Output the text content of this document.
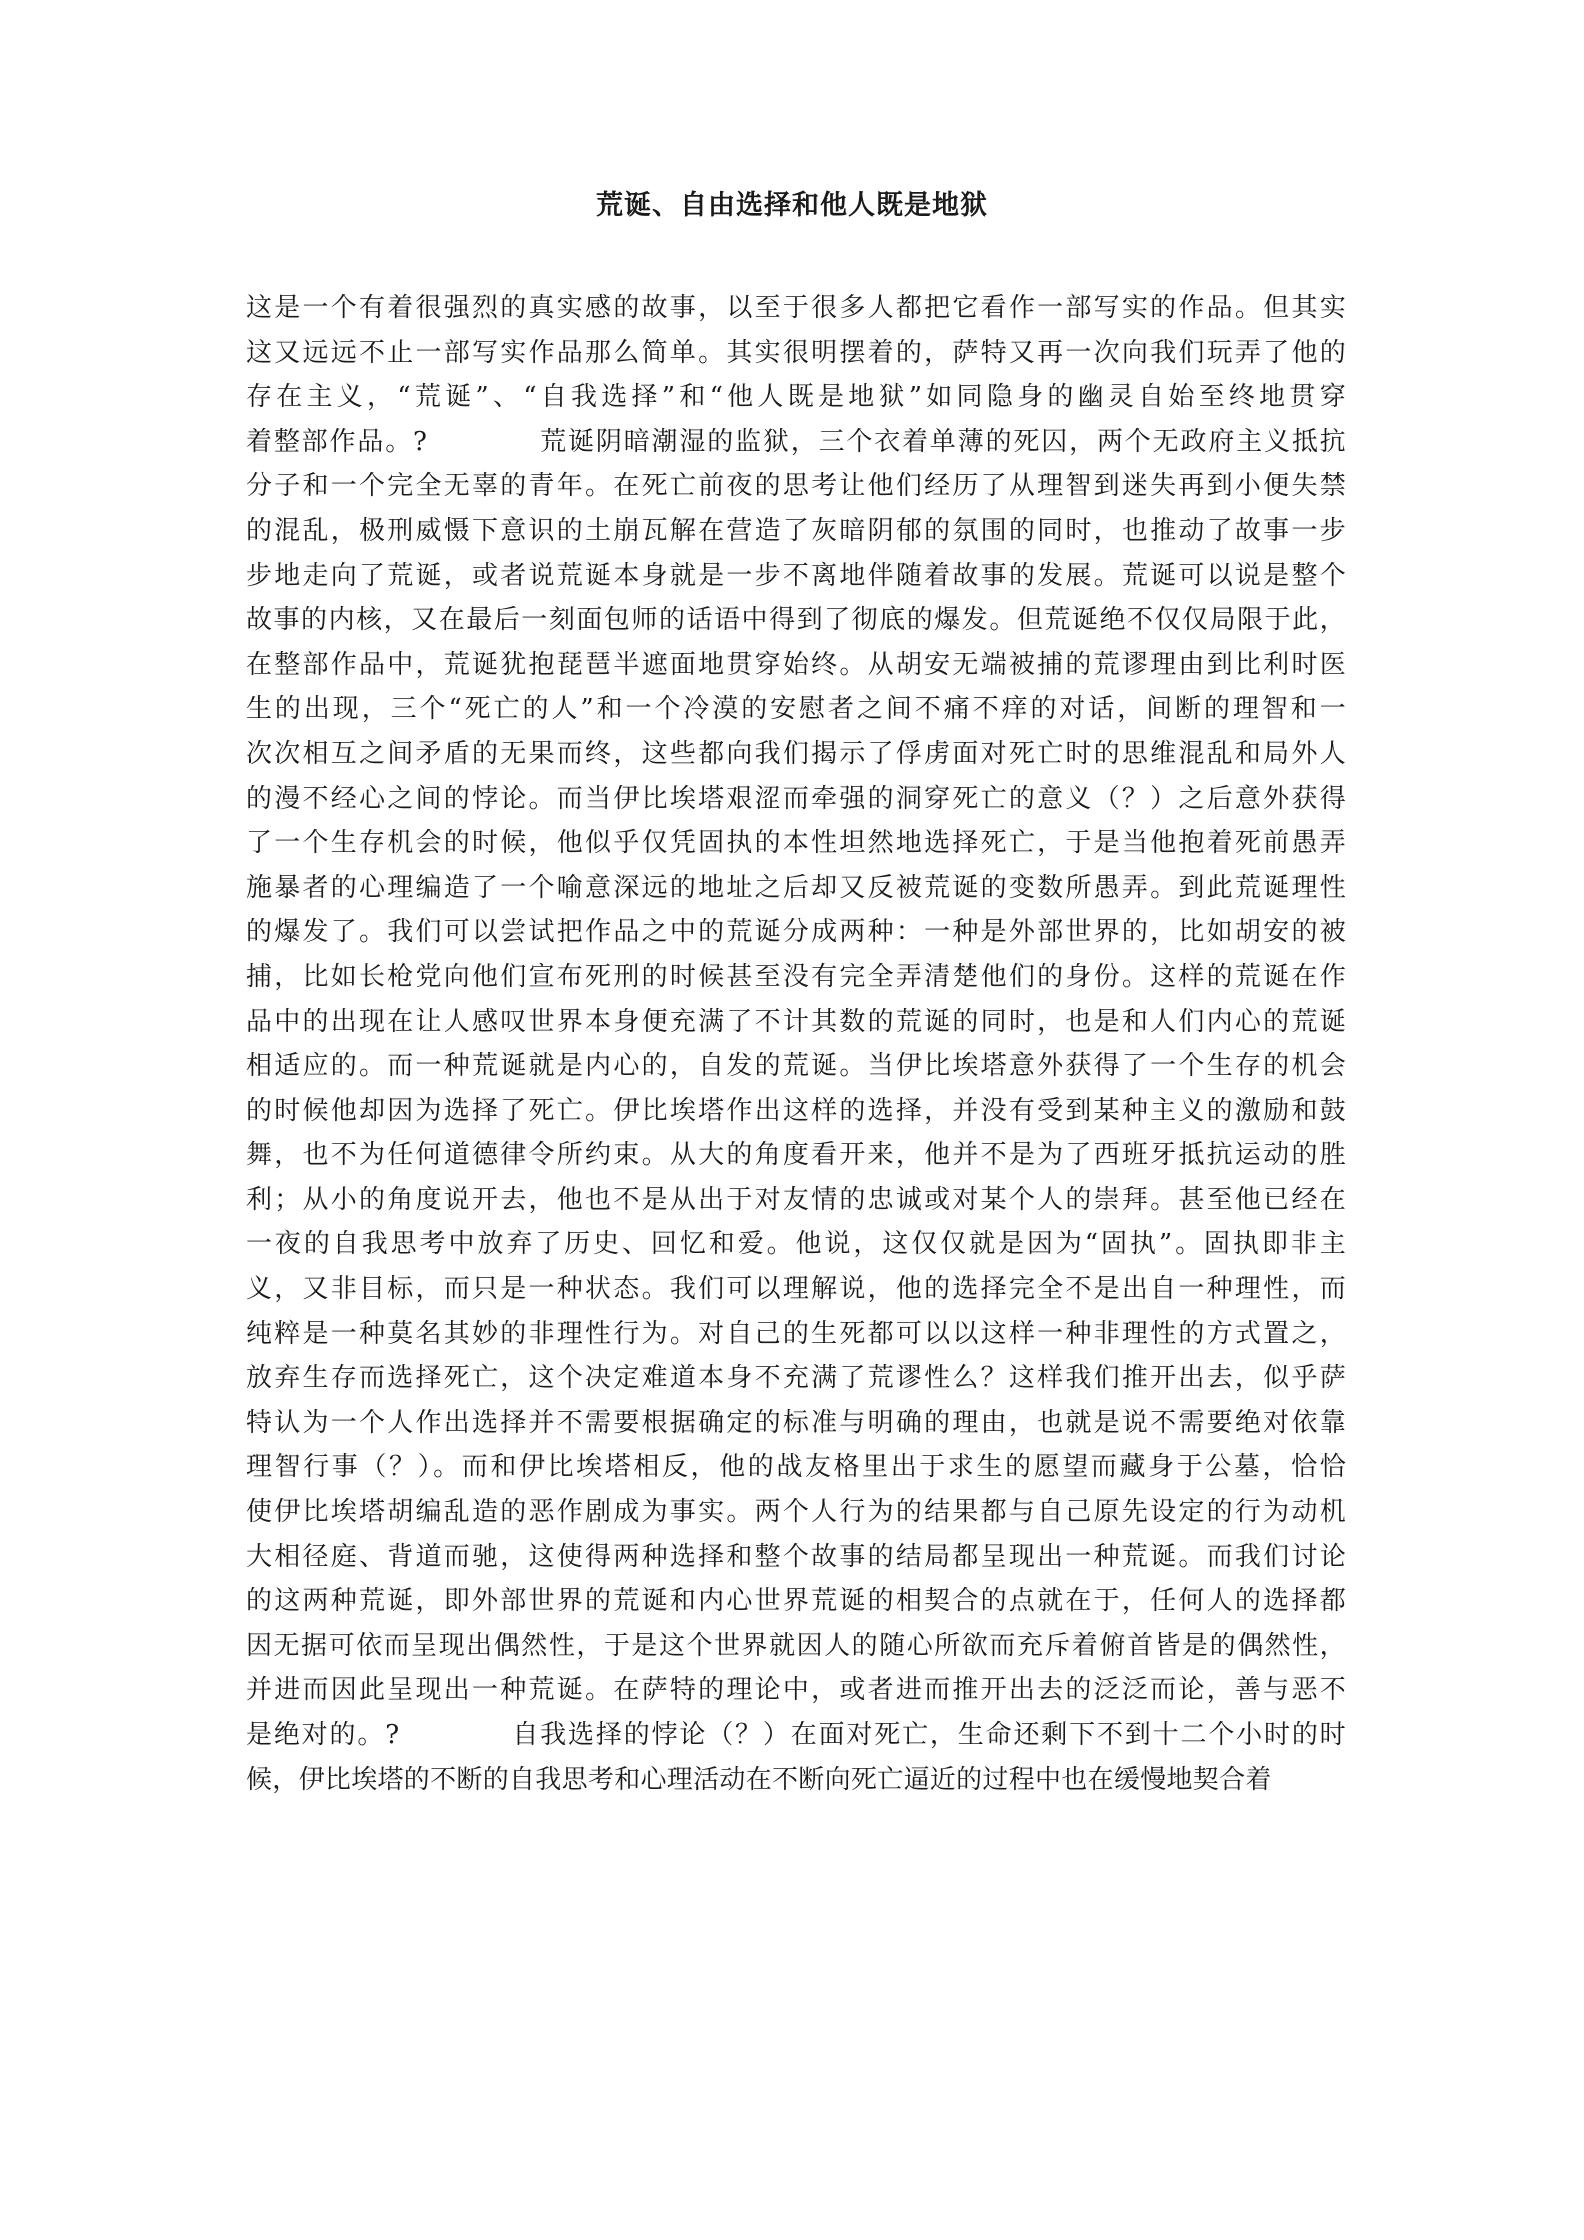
荒诞、自由选择和他人既是地狱
这是一个有着很强烈的真实感的故事，以至于很多人都把它看作一部写实的作品。但其实
这又远远不止一部写实作品那么简单。其实很明摆着的，萨特又再一次向我们玩弄了他的
存在主义，“荒诞”、“自我选择”和“他人既是地狱”如同隐身的幽灵自始至终地贯穿
着整部作品。?　　　　荒诞阴暗潮湿的监狱，三个衣着单薄的死囚，两个无政府主义抵抗
分子和一个完全无辜的青年。在死亡前夜的思考让他们经历了从理智到迷失再到小便失禁
的混乱，极刑威慑下意识的土崩瓦解在营造了灰暗阴郁的氛围的同时，也推动了故事一步
步地走向了荒诞，或者说荒诞本身就是一步不离地伴随着故事的发展。荒诞可以说是整个
故事的内核，又在最后一刻面包师的话语中得到了彻底的爆发。但荒诞绝不仅仅局限于此，
在整部作品中，荒诞犹抱琵琶半遮面地贯穿始终。从胡安无端被捕的荒谬理由到比利时医
生的出现，三个“死亡的人”和一个冷漠的安慰者之间不痛不痒的对话，间断的理智和一
次次相互之间矛盾的无果而终，这些都向我们揭示了俘虏面对死亡时的思维混乱和局外人
的漫不经心之间的悖论。而当伊比埃塔艰涩而牵强的洞穿死亡的意义（？）之后意外获得
了一个生存机会的时候，他似乎仅凭固执的本性坦然地选择死亡，于是当他抱着死前愚弄
施暴者的心理编造了一个喻意深远的地址之后却又反被荒诞的变数所愚弄。到此荒诞理性
的爆发了。我们可以尝试把作品之中的荒诞分成两种：一种是外部世界的，比如胡安的被
捕，比如长枪党向他们宣布死刑的时候甚至没有完全弄清楚他们的身份。这样的荒诞在作
品中的出现在让人感叹世界本身便充满了不计其数的荒诞的同时，也是和人们内心的荒诞
相适应的。而一种荒诞就是内心的，自发的荒诞。当伊比埃塔意外获得了一个生存的机会
的时候他却因为选择了死亡。伊比埃塔作出这样的选择，并没有受到某种主义的激励和鼓
舞，也不为任何道德律令所约束。从大的角度看开来，他并不是为了西班牙抵抗运动的胜
利；从小的角度说开去，他也不是从出于对友情的忠诚或对某个人的崇拜。甚至他已经在
一夜的自我思考中放弃了历史、回忆和爱。他说，这仅仅就是因为“固执”。固执即非主
义，又非目标，而只是一种状态。我们可以理解说，他的选择完全不是出自一种理性，而
纯粹是一种莫名其妙的非理性行为。对自己的生死都可以以这样一种非理性的方式置之，
放弃生存而选择死亡，这个决定难道本身不充满了荒谬性么？这样我们推开出去，似乎萨
特认为一个人作出选择并不需要根据确定的标准与明确的理由，也就是说不需要绝对依靠
理智行事（？）。而和伊比埃塔相反，他的战友格里出于求生的愿望而藏身于公墓，恰恰
使伊比埃塔胡编乱造的恶作剧成为事实。两个人行为的结果都与自己原先设定的行为动机
大相径庭、背道而驰，这使得两种选择和整个故事的结局都呈现出一种荒诞。而我们讨论
的这两种荒诞，即外部世界的荒诞和内心世界荒诞的相契合的点就在于，任何人的选择都
因无据可依而呈现出偶然性，于是这个世界就因人的随心所欲而充斥着俯首皆是的偶然性，
并进而因此呈现出一种荒诞。在萨特的理论中，或者进而推开出去的泛泛而论，善与恶不
是绝对的。?　　　　自我选择的悖论（？）在面对死亡，生命还剩下不到十二个小时的时
候，伊比埃塔的不断的自我思考和心理活动在不断向死亡逼近的过程中也在缓慢地契合着
